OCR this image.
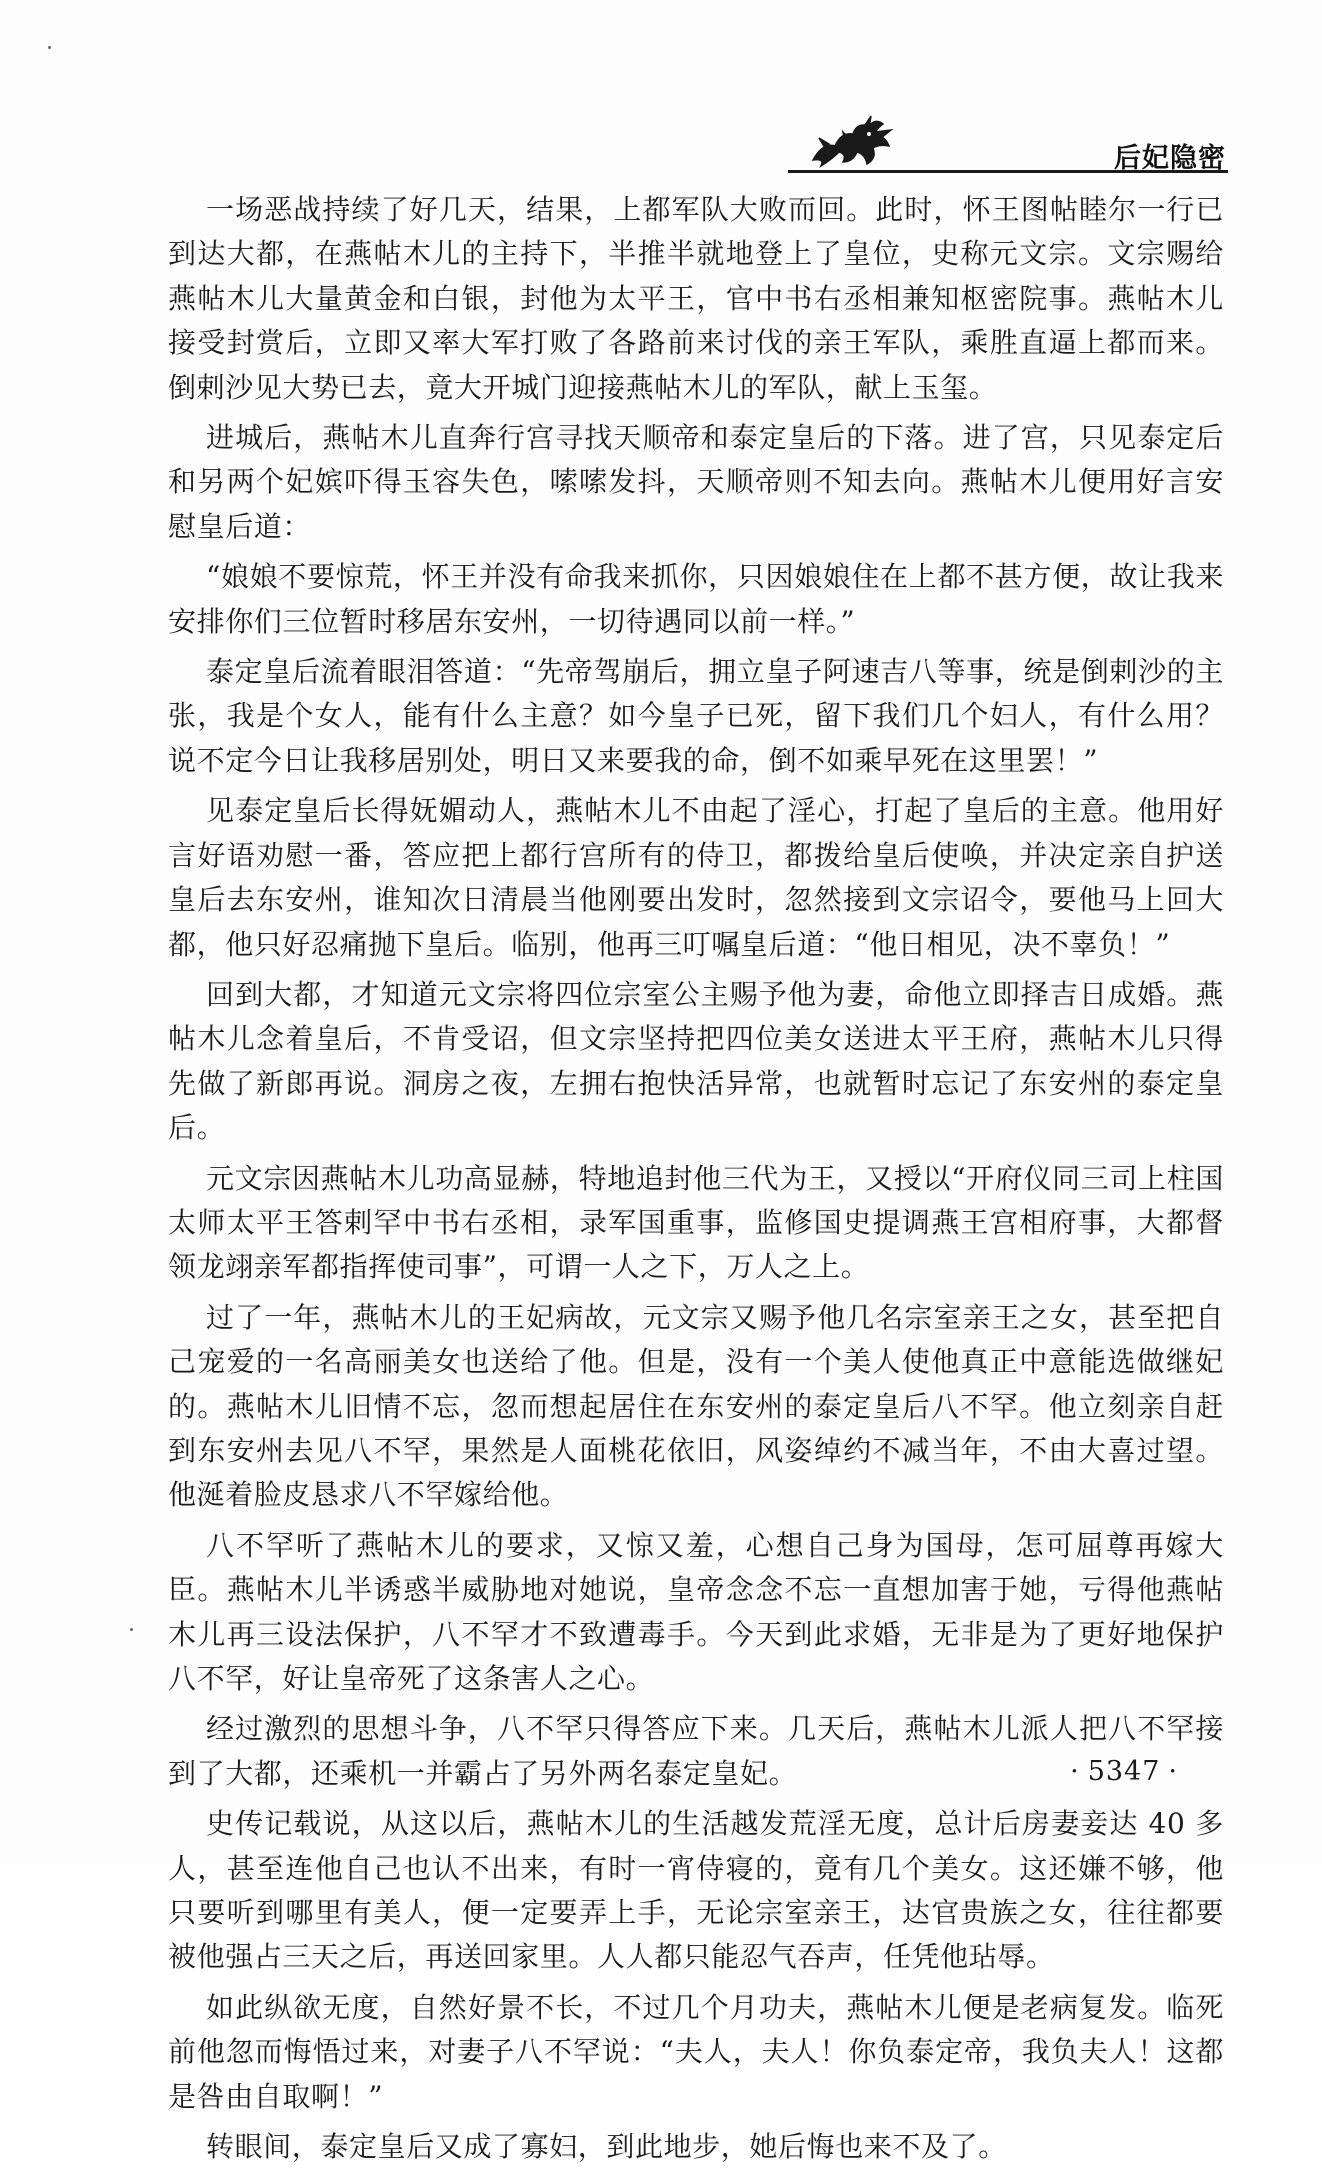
后妃隐密

一场恶战持续了好几天，结果，上都军队大败而回。此时，怀王图帖睦尔一行已到达大都，在燕帖木儿的主持下，半推半就地登上了皇位，史称元文宗。文宗赐给燕帖木儿大量黄金和白银，封他为太平王，官中书右丞相兼知枢密院事。燕帖木儿接受封赏后，立即又率大军打败了各路前来讨伐的亲王军队，乘胜直逼上都而来。倒剌沙见大势已去，竟大开城门迎接燕帖木儿的军队，献上玉玺。

进城后，燕帖木儿直奔行宫寻找天顺帝和泰定皇后的下落。进了宫，只见泰定后和另两个妃嫔吓得玉容失色，嗦嗦发抖，天顺帝则不知去向。燕帖木儿便用好言安慰皇后道：

“娘娘不要惊荒，怀王并没有命我来抓你，只因娘娘住在上都不甚方便，故让我来安排你们三位暂时移居东安州，一切待遇同以前一样。”

泰定皇后流着眼泪答道：“先帝驾崩后，拥立皇子阿速吉八等事，统是倒剌沙的主张，我是个女人，能有什么主意？如今皇子已死，留下我们几个妇人，有什么用？说不定今日让我移居别处，明日又来要我的命，倒不如乘早死在这里罢！”

见泰定皇后长得妩媚动人，燕帖木儿不由起了淫心，打起了皇后的主意。他用好言好语劝慰一番，答应把上都行宫所有的侍卫，都拨给皇后使唤，并决定亲自护送皇后去东安州，谁知次日清晨当他刚要出发时，忽然接到文宗诏令，要他马上回大都，他只好忍痛抛下皇后。临别，他再三叮嘱皇后道：“他日相见，决不辜负！”

回到大都，才知道元文宗将四位宗室公主赐予他为妻，命他立即择吉日成婚。燕帖木儿念着皇后，不肯受诏，但文宗坚持把四位美女送进太平王府，燕帖木儿只得先做了新郎再说。洞房之夜，左拥右抱快活异常，也就暂时忘记了东安州的泰定皇后。

元文宗因燕帖木儿功高显赫，特地追封他三代为王，又授以“开府仪同三司上柱国太师太平王答剌罕中书右丞相，录军国重事，监修国史提调燕王宫相府事，大都督领龙翊亲军都指挥使司事”，可谓一人之下，万人之上。

过了一年，燕帖木儿的王妃病故，元文宗又赐予他几名宗室亲王之女，甚至把自己宠爱的一名高丽美女也送给了他。但是，没有一个美人使他真正中意能选做继妃的。燕帖木儿旧情不忘，忽而想起居住在东安州的泰定皇后八不罕。他立刻亲自赶到东安州去见八不罕，果然是人面桃花依旧，风姿绰约不减当年，不由大喜过望。他涎着脸皮恳求八不罕嫁给他。

八不罕听了燕帖木儿的要求，又惊又羞，心想自己身为国母，怎可屈尊再嫁大臣。燕帖木儿半诱惑半威胁地对她说，皇帝念念不忘一直想加害于她，亏得他燕帖木儿再三设法保护，八不罕才不致遭毒手。今天到此求婚，无非是为了更好地保护八不罕，好让皇帝死了这条害人之心。

经过激烈的思想斗争，八不罕只得答应下来。几天后，燕帖木儿派人把八不罕接到了大都，还乘机一并霸占了另外两名泰定皇妃。

史传记载说，从这以后，燕帖木儿的生活越发荒淫无度，总计后房妻妾达 40 多人，甚至连他自己也认不出来，有时一宵侍寝的，竟有几个美女。这还嫌不够，他只要听到哪里有美人，便一定要弄上手，无论宗室亲王，达官贵族之女，往往都要被他强占三天之后，再送回家里。人人都只能忍气吞声，任凭他玷辱。

如此纵欲无度，自然好景不长，不过几个月功夫，燕帖木儿便是老病复发。临死前他忽而悔悟过来，对妻子八不罕说：“夫人，夫人！你负泰定帝，我负夫人！这都是咎由自取啊！”

转眼间，泰定皇后又成了寡妇，到此地步，她后悔也来不及了。

· 5347 ·
